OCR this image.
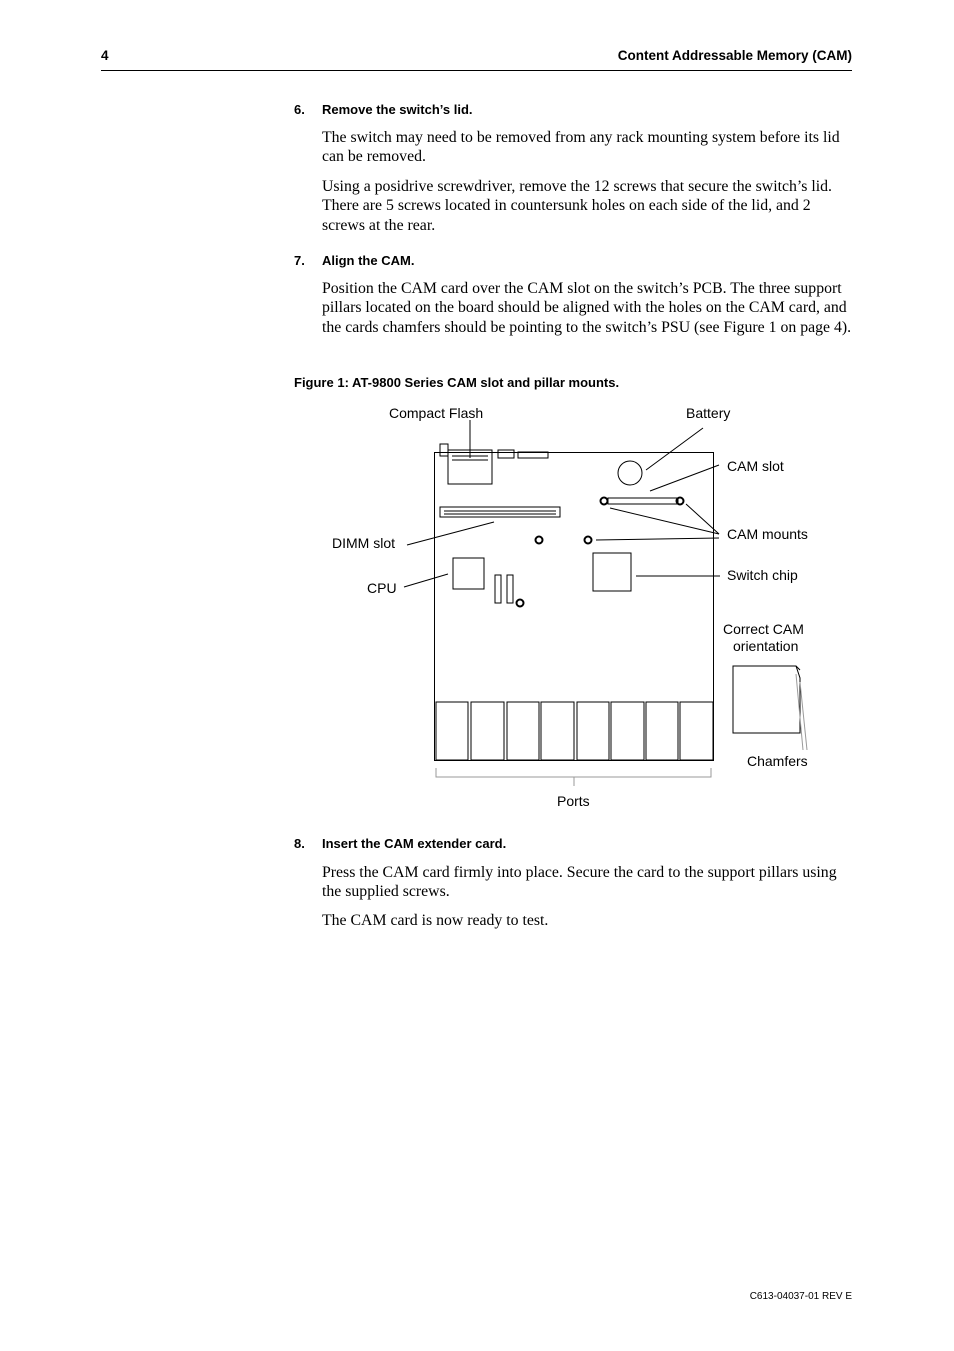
4	Content Addressable Memory (CAM)
6. Remove the switch’s lid.

The switch may need to be removed from any rack mounting system before its lid can be removed.

Using a posidrive screwdriver, remove the 12 screws that secure the switch’s lid. There are 5 screws located in countersunk holes on each side of the lid, and 2 screws at the rear.

7. Align the CAM.

Position the CAM card over the CAM slot on the switch’s PCB. The three support pillars located on the board should be aligned with the holes on the CAM card, and the cards chamfers should be pointing to the switch’s PSU (see Figure 1 on page 4).

Figure 1: AT-9800 Series CAM slot and pillar mounts.
Compact Flash	Battery
CAM slot
CAM mounts
DIMM slot
CPU
Switch chip
Correct CAM
orientation
Chamfers
Ports
8. Insert the CAM extender card.

Press the CAM card firmly into place. Secure the card to the support pillars using the supplied screws.

The CAM card is now ready to test.

C613-04037-01 REV E
